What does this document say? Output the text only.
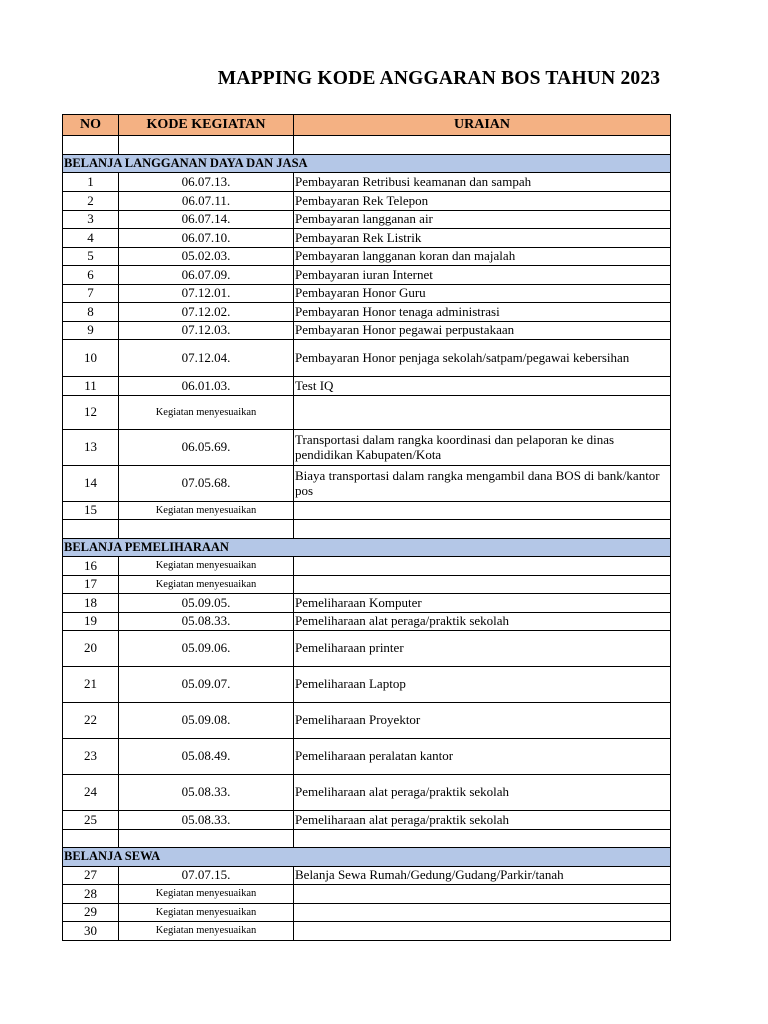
MAPPING KODE ANGGARAN BOS TAHUN 2023
NO	KODE KEGIATAN	URAIAN

BELANJA LANGGANAN DAYA DAN JASA		
1	06.07.13.	Pembayaran Retribusi keamanan dan sampah
2	06.07.11.	Pembayaran Rek Telepon
3	06.07.14.	Pembayaran langganan air
4	06.07.10.	Pembayaran Rek Listrik
5	05.02.03.	Pembayaran langganan koran dan majalah
6	06.07.09.	Pembayaran iuran Internet
7	07.12.01.	Pembayaran Honor Guru
8	07.12.02.	Pembayaran Honor tenaga administrasi
9	07.12.03.	Pembayaran Honor pegawai perpustakaan
10	07.12.04.	Pembayaran Honor penjaga sekolah/satpam/pegawai kebersihan
11	06.01.03.	Test IQ
12	Kegiatan menyesuaikan	
13	06.05.69.	Transportasi dalam rangka koordinasi dan pelaporan ke dinas pendidikan Kabupaten/Kota
14	07.05.68.	Biaya transportasi dalam rangka mengambil dana BOS di bank/kantor pos
15	Kegiatan menyesuaikan	

BELANJA PEMELIHARAAN		
16	Kegiatan menyesuaikan	
17	Kegiatan menyesuaikan	
18	05.09.05.	Pemeliharaan Komputer
19	05.08.33.	Pemeliharaan alat peraga/praktik sekolah
20	05.09.06.	Pemeliharaan printer
21	05.09.07.	Pemeliharaan Laptop
22	05.09.08.	Pemeliharaan Proyektor
23	05.08.49.	Pemeliharaan peralatan kantor
24	05.08.33.	Pemeliharaan alat peraga/praktik sekolah
25	05.08.33.	Pemeliharaan alat peraga/praktik sekolah

BELANJA SEWA		
27	07.07.15.	Belanja Sewa Rumah/Gedung/Gudang/Parkir/tanah
28	Kegiatan menyesuaikan	
29	Kegiatan menyesuaikan	
30	Kegiatan menyesuaikan	
